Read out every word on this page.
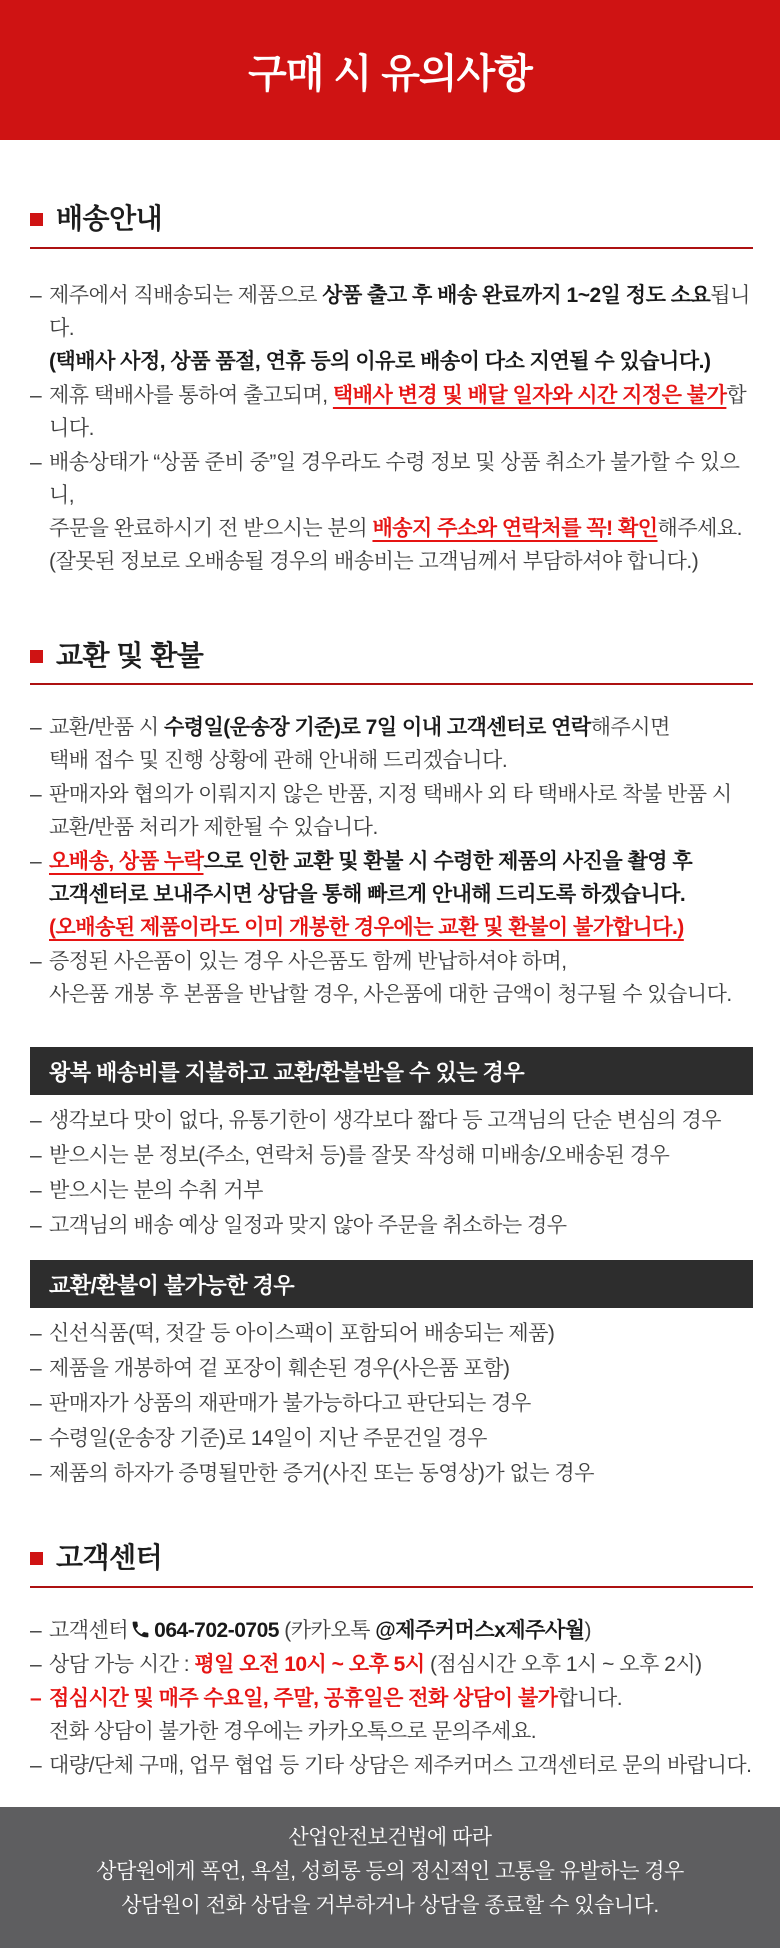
구매 시 유의사항
배송안내
– 제주에서 직배송되는 제품으로 상품 출고 후 배송 완료까지 1~2일 정도 소요됩니다.
(택배사 사정, 상품 품절, 연휴 등의 이유로 배송이 다소 지연될 수 있습니다.)
– 제휴 택배사를 통하여 출고되며, 택배사 변경 및 배달 일자와 시간 지정은 불가합니다.
– 배송상태가 “상품 준비 중”일 경우라도 수령 정보 및 상품 취소가 불가할 수 있으니,
주문을 완료하시기 전 받으시는 분의 배송지 주소와 연락처를 꼭! 확인해주세요.
(잘못된 정보로 오배송될 경우의 배송비는 고객님께서 부담하셔야 합니다.)
교환 및 환불
– 교환/반품 시 수령일(운송장 기준)로 7일 이내 고객센터로 연락해주시면
택배 접수 및 진행 상황에 관해 안내해 드리겠습니다.
– 판매자와 협의가 이뤄지지 않은 반품, 지정 택배사 외 타 택배사로 착불 반품 시
교환/반품 처리가 제한될 수 있습니다.
– 오배송, 상품 누락으로 인한 교환 및 환불 시 수령한 제품의 사진을 촬영 후
고객센터로 보내주시면 상담을 통해 빠르게 안내해 드리도록 하겠습니다.
(오배송된 제품이라도 이미 개봉한 경우에는 교환 및 환불이 불가합니다.)
– 증정된 사은품이 있는 경우 사은품도 함께 반납하셔야 하며,
사은품 개봉 후 본품을 반납할 경우, 사은품에 대한 금액이 청구될 수 있습니다.
왕복 배송비를 지불하고 교환/환불받을 수 있는 경우
– 생각보다 맛이 없다, 유통기한이 생각보다 짧다 등 고객님의 단순 변심의 경우
– 받으시는 분 정보(주소, 연락처 등)를 잘못 작성해 미배송/오배송된 경우
– 받으시는 분의 수취 거부
– 고객님의 배송 예상 일정과 맞지 않아 주문을 취소하는 경우
교환/환불이 불가능한 경우
– 신선식품(떡, 젓갈 등 아이스팩이 포함되어 배송되는 제품)
– 제품을 개봉하여 겉 포장이 훼손된 경우(사은품 포함)
– 판매자가 상품의 재판매가 불가능하다고 판단되는 경우
– 수령일(운송장 기준)로 14일이 지난 주문건일 경우
– 제품의 하자가 증명될만한 증거(사진 또는 동영상)가 없는 경우
고객센터
– 고객센터 064-702-0705 (카카오톡 @제주커머스x제주사월)
– 상담 가능 시간 : 평일 오전 10시 ~ 오후 5시 (점심시간 오후 1시 ~ 오후 2시)
– 점심시간 및 매주 수요일, 주말, 공휴일은 전화 상담이 불가합니다.
전화 상담이 불가한 경우에는 카카오톡으로 문의주세요.
– 대량/단체 구매, 업무 협업 등 기타 상담은 제주커머스 고객센터로 문의 바랍니다.
산업안전보건법에 따라
상담원에게 폭언, 욕설, 성희롱 등의 정신적인 고통을 유발하는 경우
상담원이 전화 상담을 거부하거나 상담을 종료할 수 있습니다.
